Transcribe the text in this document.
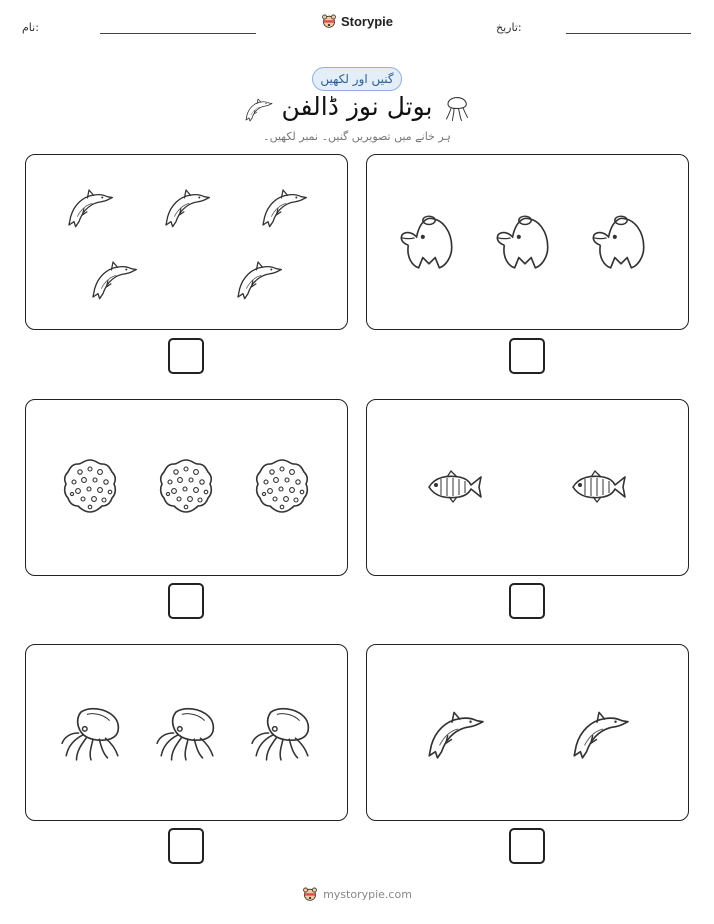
نام:	تاریخ:
Storypie
گنیں اور لکھیں
بوتل نوز ڈالفن
ہر خانے میں تصویریں گنیں۔ نمبر لکھیں۔
mystorypie.com
